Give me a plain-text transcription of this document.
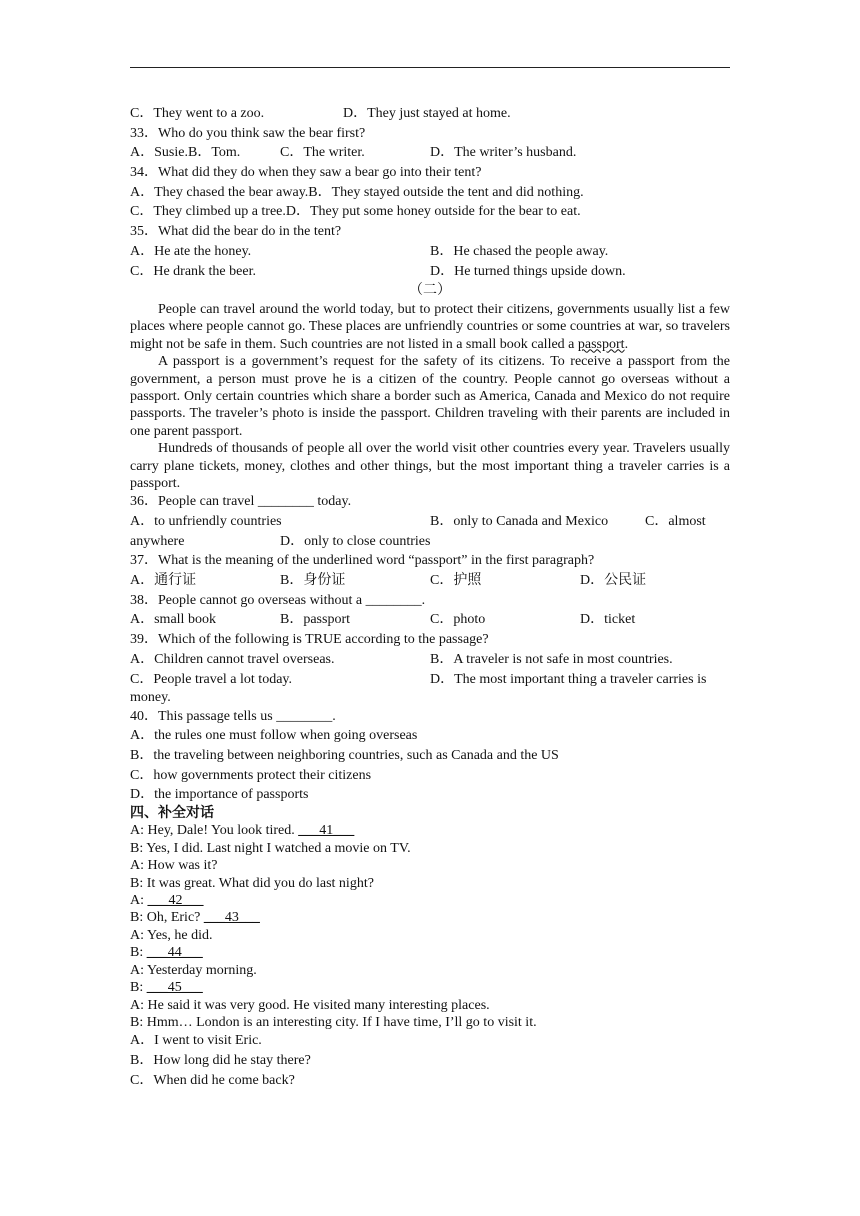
C．They went to a zoo.	D．They just stayed at home.
33．Who do you think saw the bear first?
A．Susie. B．Tom.	C．The writer.	D．The writer’s husband.
34．What did they do when they saw a bear go into their tent?
A．They chased the bear away.B．They stayed outside the tent and did nothing.
C．They climbed up a tree.D．They put some honey outside for the bear to eat.
35．What did the bear do in the tent?
A．He ate the honey.	B．He chased the people away.
C．He drank the beer.	D．He turned things upside down.
（二）

People can travel around the world today, but to protect their citizens, governments usually list a few places where people cannot go. These places are unfriendly countries or some countries at war, so travelers might not be safe in them. Such countries are not listed in a small book called a passport.

A passport is a government’s request for the safety of its citizens. To receive a passport from the government, a person must prove he is a citizen of the country. People cannot go overseas without a passport. Only certain countries which share a border such as America, Canada and Mexico do not require passports. The traveler’s photo is inside the passport. Children traveling with their parents are included in one parent passport.

Hundreds of thousands of people all over the world visit other countries every year. Travelers usually carry plane tickets, money, clothes and other things, but the most important thing a traveler carries is a passport.

36．People can travel ________ today.
A．to unfriendly countries	B．only to Canada and Mexico	C．almost
anywhere	D．only to close countries
37．What is the meaning of the underlined word “passport” in the first paragraph?
A．通行证	B．身份证	C．护照	D．公民证
38．People cannot go overseas without a ________.
A．small book	B．passport	C．photo	D．ticket
39．Which of the following is TRUE according to the passage?
A．Children cannot travel overseas.	B．A traveler is not safe in most countries.
C．People travel a lot today.	D．The most important thing a traveler carries is
money.
40．This passage tells us ________.
A．the rules one must follow when going overseas
B．the traveling between neighboring countries, such as Canada and the US
C．how governments protect their citizens
D．the importance of passports
四、补全对话
A: Hey, Dale! You look tired. ___41___
B: Yes, I did. Last night I watched a movie on TV.
A: How was it?
B: It was great. What did you do last night?
A: ___42___
B: Oh, Eric? ___43___
A: Yes, he did.
B: ___44___
A: Yesterday morning.
B: ___45___
A: He said it was very good. He visited many interesting places.
B: Hmm… London is an interesting city. If I have time, I’ll go to visit it.
A．I went to visit Eric.
B．How long did he stay there?
C．When did he come back?
